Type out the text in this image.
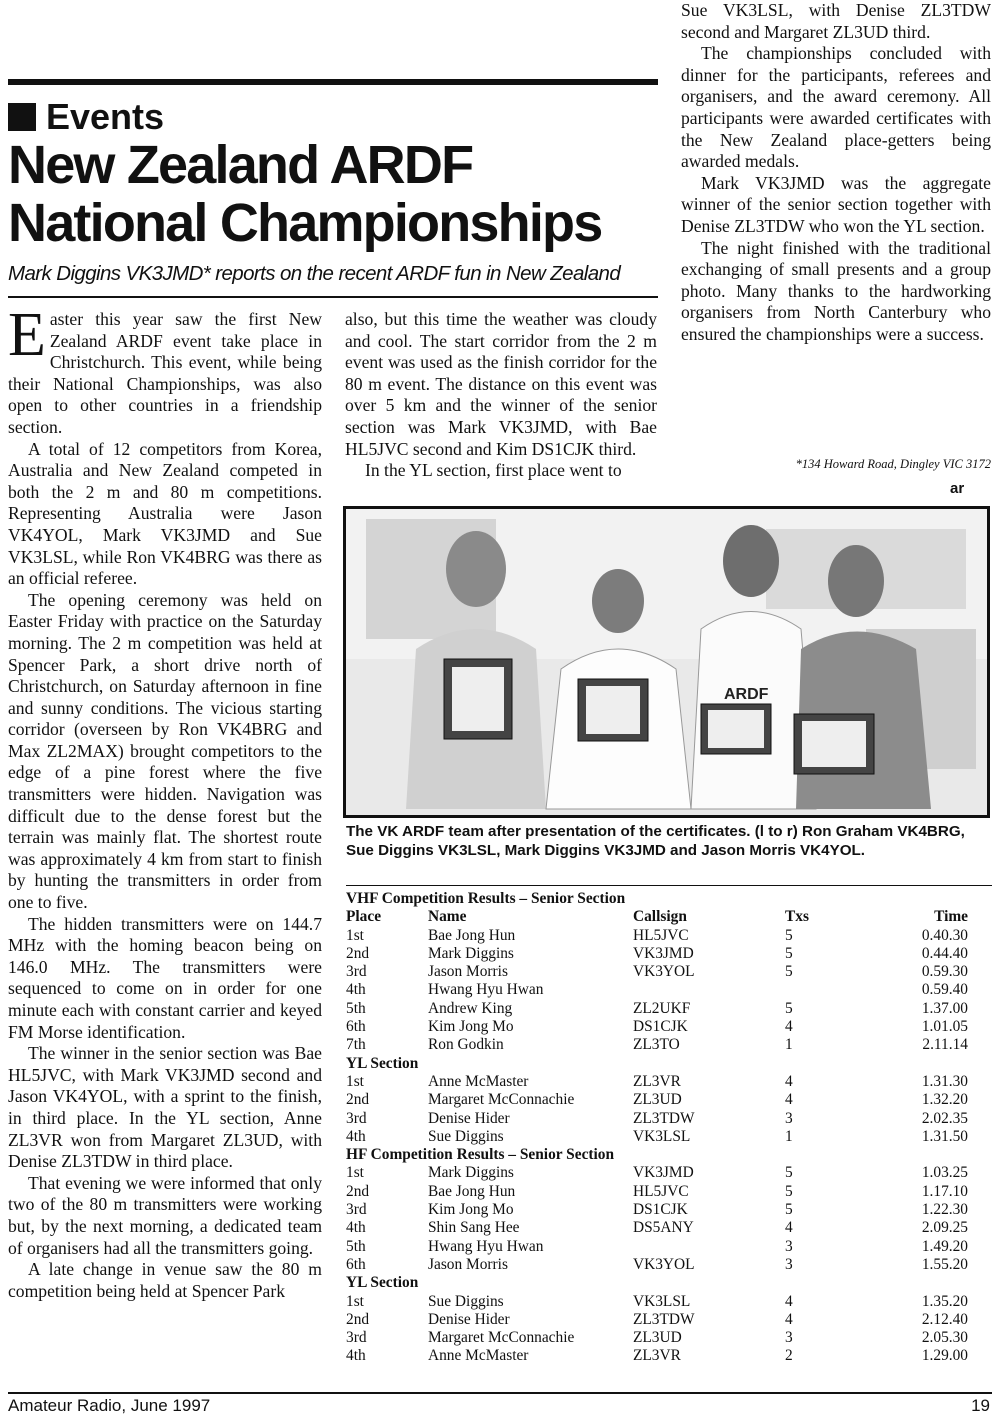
Events
New Zealand ARDF
National Championships
Mark Diggins VK3JMD* reports on the recent ARDF fun in New Zealand

Easter this year saw the first New Zealand ARDF event take place in Christchurch. This event, while being their National Championships, was also open to other countries in a friendship section.

A total of 12 competitors from Korea, Australia and New Zealand competed in both the 2 m and 80 m competitions. Representing Australia were Jason VK4YOL, Mark VK3JMD and Sue VK3LSL, while Ron VK4BRG was there as an official referee.

The opening ceremony was held on Easter Friday with practice on the Saturday morning. The 2 m competition was held at Spencer Park, a short drive north of Christchurch, on Saturday afternoon in fine and sunny conditions. The vicious starting corridor (overseen by Ron VK4BRG and Max ZL2MAX) brought competitors to the edge of a pine forest where the five transmitters were hidden. Navigation was difficult due to the dense forest but the terrain was mainly flat. The shortest route was approximately 4 km from start to finish by hunting the transmitters in order from one to five.

The hidden transmitters were on 144.7 MHz with the homing beacon being on 146.0 MHz. The transmitters were sequenced to come on in order for one minute each with constant carrier and keyed FM Morse identification.

The winner in the senior section was Bae HL5JVC, with Mark VK3JMD second and Jason VK4YOL, with a sprint to the finish, in third place. In the YL section, Anne ZL3VR won from Margaret ZL3UD, with Denise ZL3TDW in third place.

That evening we were informed that only two of the 80 m transmitters were working but, by the next morning, a dedicated team of organisers had all the transmitters going.

A late change in venue saw the 80 m competition being held at Spencer Park

also, but this time the weather was cloudy and cool. The start corridor from the 2 m event was used as the finish corridor for the 80 m event. The distance on this event was over 5 km and the winner of the senior section was Mark VK3JMD, with Bae HL5JVC second and Kim DS1CJK third.

In the YL section, first place went to

Sue VK3LSL, with Denise ZL3TDW second and Margaret ZL3UD third.

The championships concluded with dinner for the participants, referees and organisers, and the award ceremony. All participants were awarded certificates with the New Zealand place-getters being awarded medals.

Mark VK3JMD was the aggregate winner of the senior section together with Denise ZL3TDW who won the YL section.

The night finished with the traditional exchanging of small presents and a group photo. Many thanks to the hardworking organisers from North Canterbury who ensured the championships were a success.

*134 Howard Road, Dingley VIC 3172
ar
ARDF
The VK ARDF team after presentation of the certificates. (l to r) Ron Graham VK4BRG, Sue Diggins VK3LSL, Mark Diggins VK3JMD and Jason Morris VK4YOL.
VHF Competition Results – Senior Section				
Place	Name	Callsign	Txs	Time
1st	Bae Jong Hun	HL5JVC	5	0.40.30
2nd	Mark Diggins	VK3JMD	5	0.44.40
3rd	Jason Morris	VK3YOL	5	0.59.30
4th	Hwang Hyu Hwan			0.59.40
5th	Andrew King	ZL2UKF	5	1.37.00
6th	Kim Jong Mo	DS1CJK	4	1.01.05
7th	Ron Godkin	ZL3TO	1	2.11.14
YL Section				
1st	Anne McMaster	ZL3VR	4	1.31.30
2nd	Margaret McConnachie	ZL3UD	4	1.32.20
3rd	Denise Hider	ZL3TDW	3	2.02.35
4th	Sue Diggins	VK3LSL	1	1.31.50
HF Competition Results – Senior Section				
1st	Mark Diggins	VK3JMD	5	1.03.25
2nd	Bae Jong Hun	HL5JVC	5	1.17.10
3rd	Kim Jong Mo	DS1CJK	5	1.22.30
4th	Shin Sang Hee	DS5ANY	4	2.09.25
5th	Hwang Hyu Hwan		3	1.49.20
6th	Jason Morris	VK3YOL	3	1.55.20
YL Section				
1st	Sue Diggins	VK3LSL	4	1.35.20
2nd	Denise Hider	ZL3TDW	4	2.12.40
3rd	Margaret McConnachie	ZL3UD	3	2.05.30
4th	Anne McMaster	ZL3VR	2	1.29.00
Amateur Radio, June 1997	19
